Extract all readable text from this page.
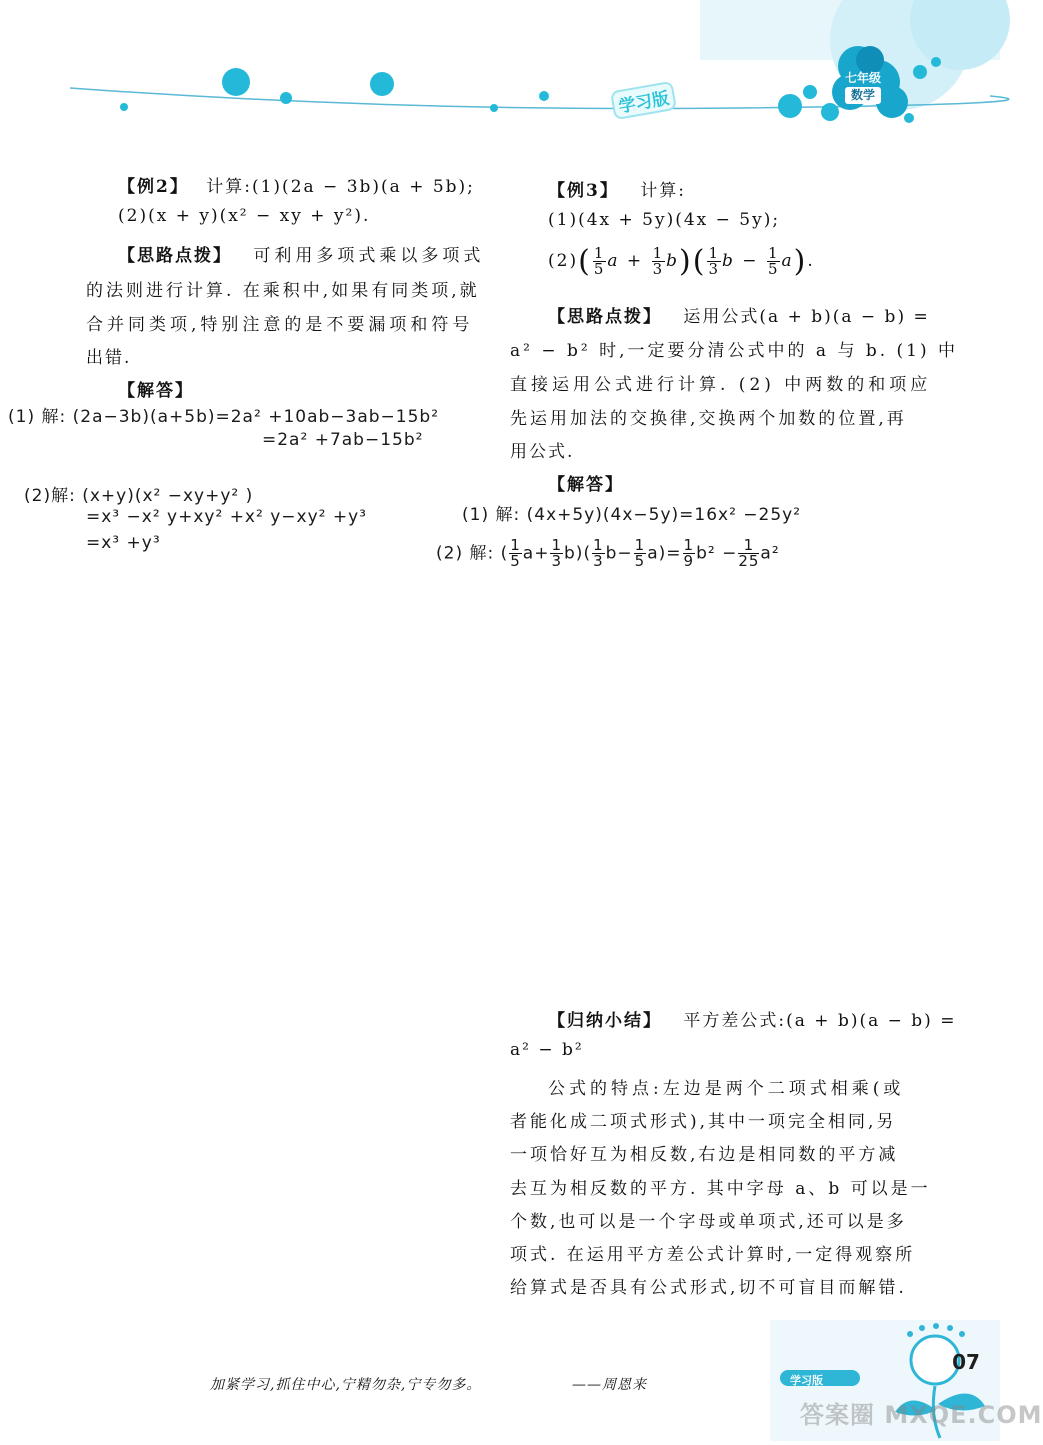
学习版
七年级
数学
【例2】 计算:(1)(2a − 3b)(a + 5b);
(2)(x + y)(x² − xy + y²).
【思路点拨】 可利用多项式乘以多项式
的法则进行计算. 在乘积中,如果有同类项,就
合并同类项,特别注意的是不要漏项和符号
出错.
【解答】
(1) 解: (2a−3b)(a+5b)=2a² +10ab−3ab−15b²
=2a² +7ab−15b²
(2)解: (x+y)(x² −xy+y² )
=x³ −x² y+xy² +x² y−xy² +y³
=x³ +y³
【例3】 计算:
(1)(4x + 5y)(4x − 5y);
$(2)( \frac{1}{5}$ $a + \frac{1}{3} b)( \frac{1}{3}$ $b - \frac{1}{5} a$).
【思路点拨】 运用公式(a + b)(a − b) =
a² − b² 时,一定要分清公式中的 a 与 b. (1) 中
直接运用公式进行计算. (2) 中两数的和项应
先运用加法的交换律,交换两个加数的位置,再
用公式.
【解答】
(1) 解: (4x+5y)(4x−5y)=16x² −25y²
(2) 解: ( $\frac{1}{5} a+ \frac{1}{3} b)( \frac{1}{3} b- \frac{1}{5} a)= \frac{1}{9} b^2 - \frac{1}{25} a^2$
【归纳小结】 平方差公式:(a + b)(a − b) =
a² − b²
公式的特点:左边是两个二项式相乘(或
者能化成二项式形式),其中一项完全相同,另
一项恰好互为相反数,右边是相同数的平方减
去互为相反数的平方. 其中字母 a、b 可以是一
个数,也可以是一个字母或单项式,还可以是多
项式. 在运用平方差公式计算时,一定得观察所
给算式是否具有公式形式,切不可盲目而解错.
加紧学习,抓住中心,宁精勿杂,宁专勿多。	——周恩来
07
学习版
答案圈 MXQE.COM
